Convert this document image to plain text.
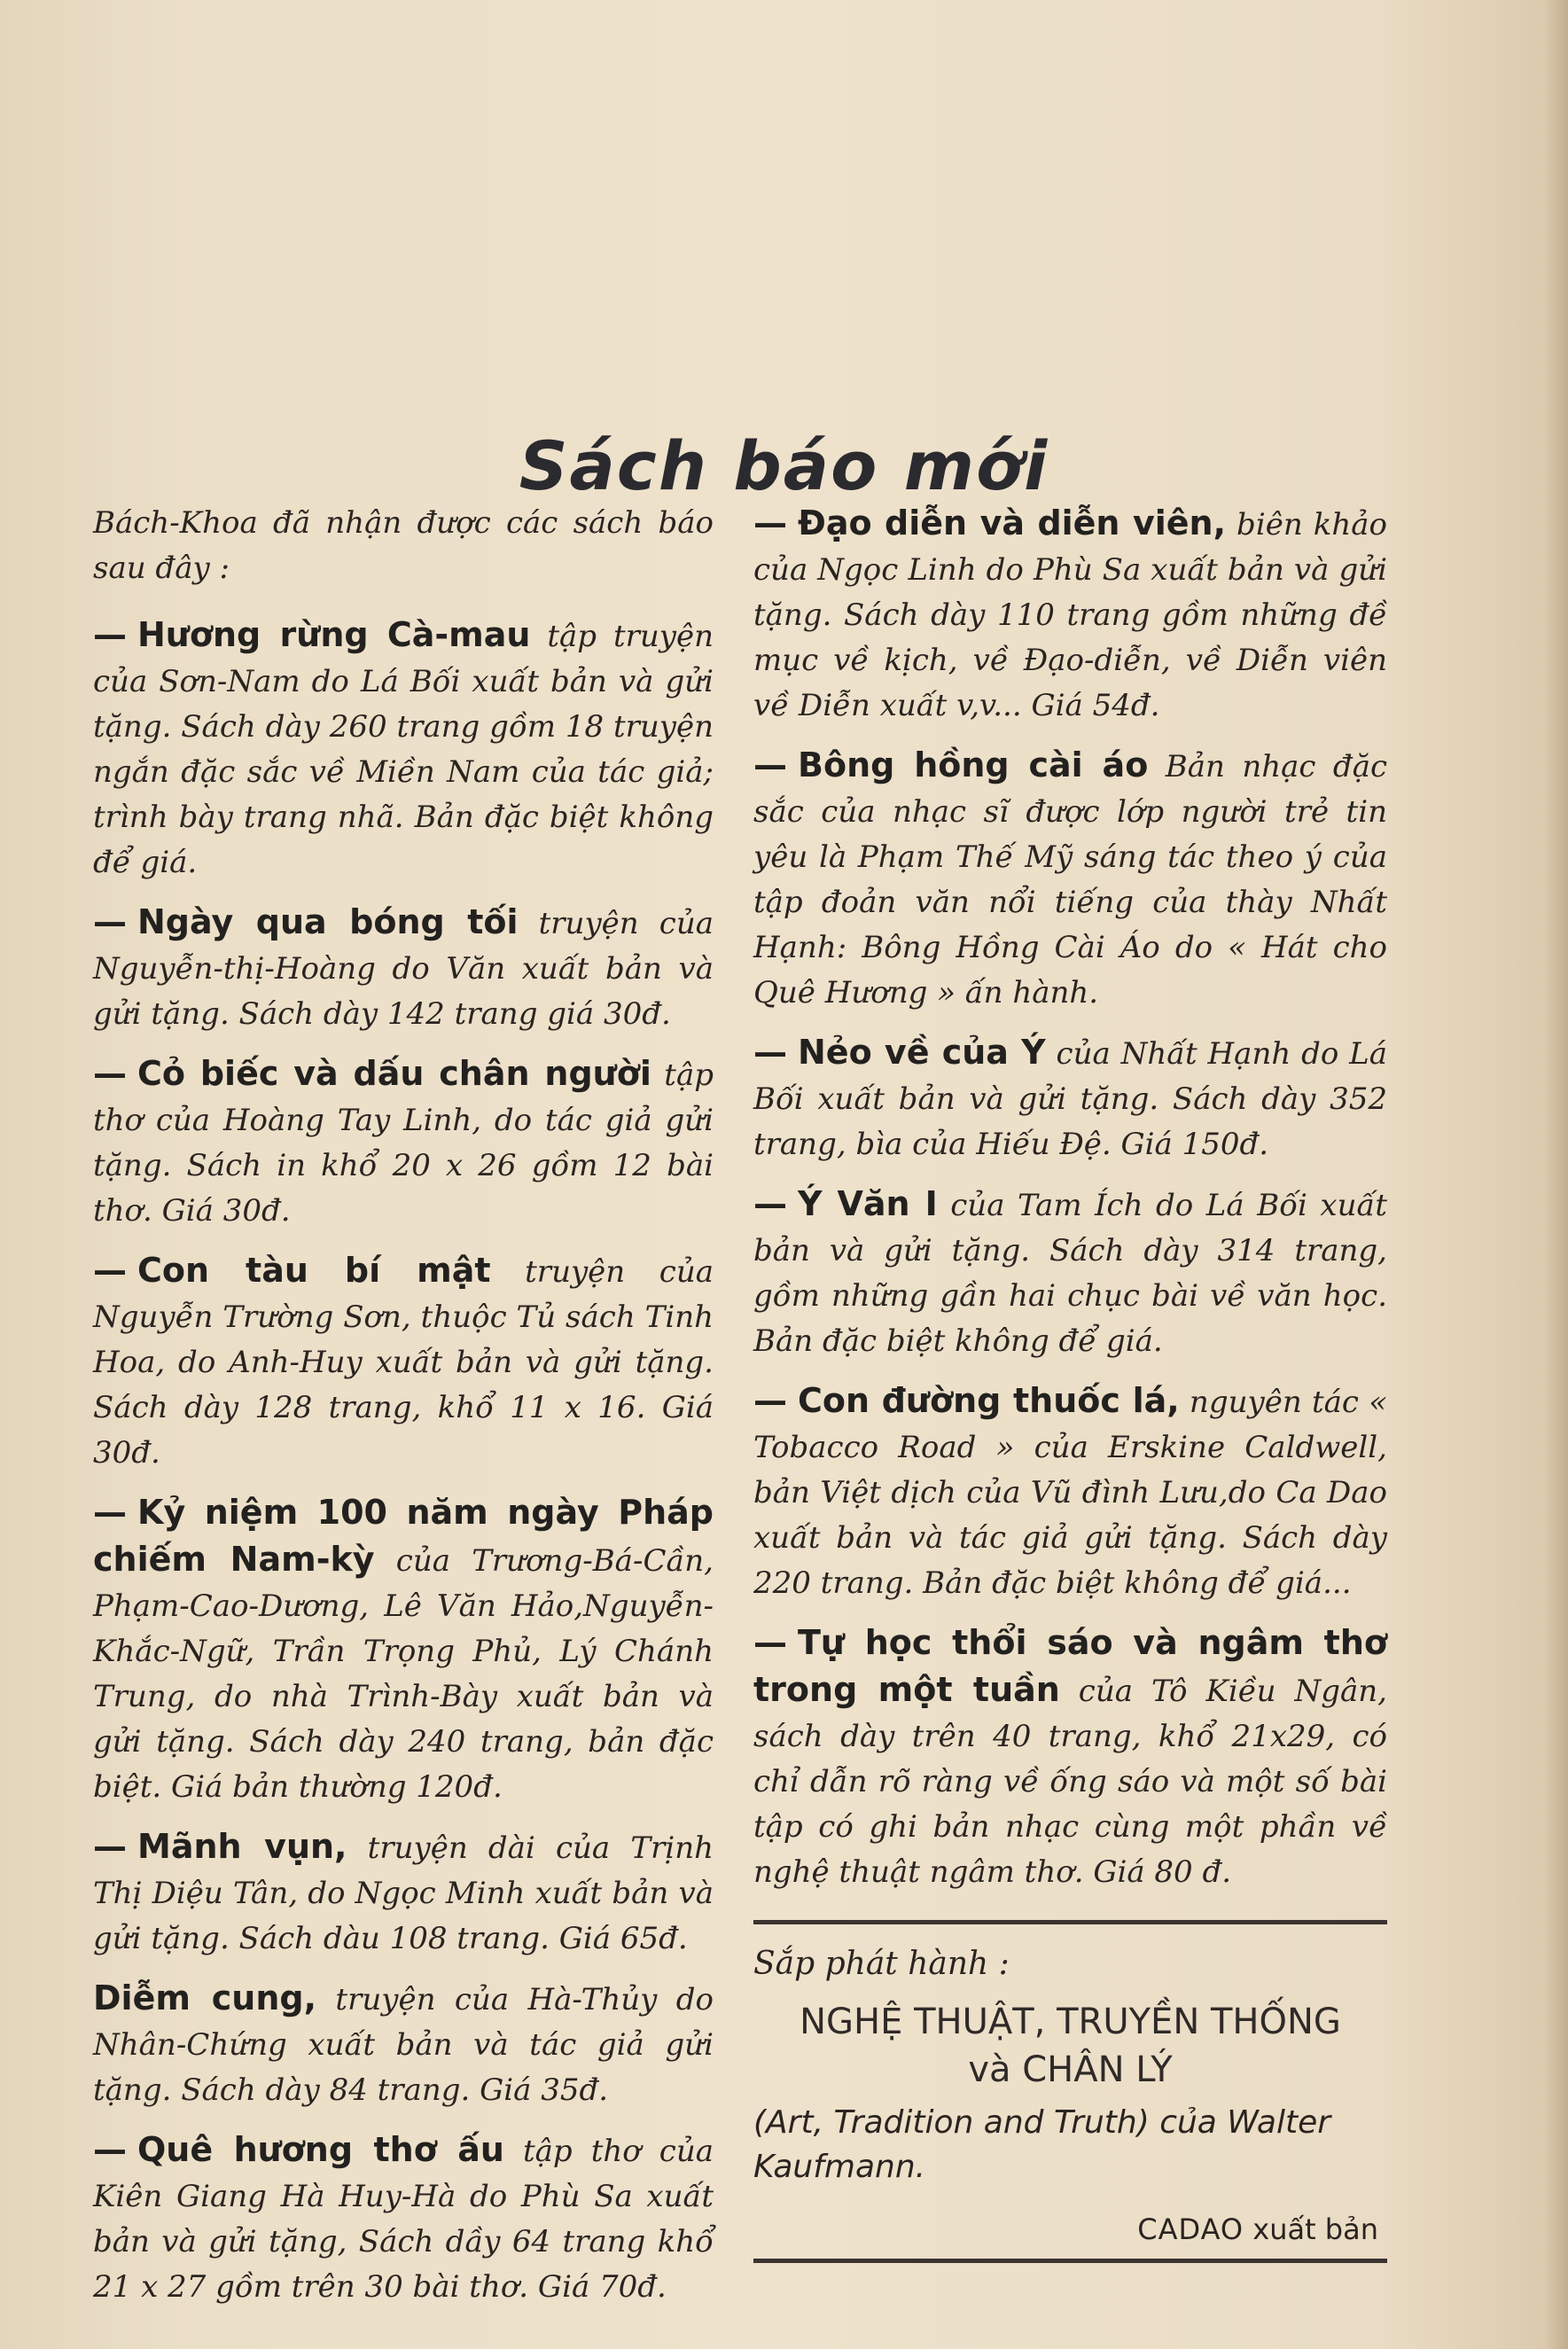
Sách báo mới

Bách-Khoa đã nhận được các sách báo sau đây :

— Hương rừng Cà-mau tập truyện của Sơn-Nam do Lá Bối xuất bản và gửi tặng. Sách dày 260 trang gồm 18 truyện ngắn đặc sắc về Miền Nam của tác giả; trình bày trang nhã. Bản đặc biệt không để giá.

— Ngày qua bóng tối truyện của Nguyễn-thị-Hoàng do Văn xuất bản và gửi tặng. Sách dày 142 trang giá 30đ.

— Cỏ biếc và dấu chân người tập thơ của Hoàng Tay Linh, do tác giả gửi tặng. Sách in khổ 20 x 26 gồm 12 bài thơ. Giá 30đ.

— Con tàu bí mật truyện của Nguyễn Trường Sơn, thuộc Tủ sách Tinh Hoa, do Anh-Huy xuất bản và gửi tặng. Sách dày 128 trang, khổ 11 x 16. Giá 30đ.

— Kỷ niệm 100 năm ngày Pháp chiếm Nam-kỳ của Trương-Bá-Cần, Phạm-Cao-Dương, Lê Văn Hảo,Nguyễn-Khắc-Ngữ, Trần Trọng Phủ, Lý Chánh Trung, do nhà Trình-Bày xuất bản và gửi tặng. Sách dày 240 trang, bản đặc biệt. Giá bản thường 120đ.

— Mãnh vụn, truyện dài của Trịnh Thị Diệu Tân, do Ngọc Minh xuất bản và gửi tặng. Sách dàu 108 trang. Giá 65đ.

Diễm cung, truyện của Hà-Thủy do Nhân-Chứng xuất bản và tác giả gửi tặng. Sách dày 84 trang. Giá 35đ.

— Quê hương thơ ấu tập thơ của Kiên Giang Hà Huy-Hà do Phù Sa xuất bản và gửi tặng, Sách dầy 64 trang khổ 21 x 27 gồm trên 30 bài thơ. Giá 70đ.

— Đạo diễn và diễn viên, biên khảo của Ngọc Linh do Phù Sa xuất bản và gửi tặng. Sách dày 110 trang gồm những đề mục về kịch, về Đạo-diễn, về Diễn viên về Diễn xuất v,v... Giá 54đ.

— Bông hồng cài áo Bản nhạc đặc sắc của nhạc sĩ được lớp người trẻ tin yêu là Phạm Thế Mỹ sáng tác theo ý của tập đoản văn nổi tiếng của thày Nhất Hạnh: Bông Hồng Cài Áo do « Hát cho Quê Hương » ấn hành.

— Nẻo về của Ý của Nhất Hạnh do Lá Bối xuất bản và gửi tặng. Sách dày 352 trang, bìa của Hiếu Đệ. Giá 150đ.

— Ý Văn I của Tam Ích do Lá Bối xuất bản và gửi tặng. Sách dày 314 trang, gồm những gần hai chục bài về văn học. Bản đặc biệt không để giá.

— Con đường thuốc lá, nguyên tác « Tobacco Road » của Erskine Caldwell, bản Việt dịch của Vũ đình Lưu,do Ca Dao xuất bản và tác giả gửi tặng. Sách dày 220 trang. Bản đặc biệt không để giá...

— Tự học thổi sáo và ngâm thơ trong một tuần của Tô Kiều Ngân, sách dày trên 40 trang, khổ 21x29, có chỉ dẫn rõ ràng về ống sáo và một số bài tập có ghi bản nhạc cùng một phần về nghệ thuật ngâm thơ. Giá 80 đ.

Sắp phát hành :

NGHỆ THUẬT, TRUYỀN THỐNG

và CHÂN LÝ

(Art, Tradition and Truth) của Walter Kaufmann.

CADAO xuất bản
